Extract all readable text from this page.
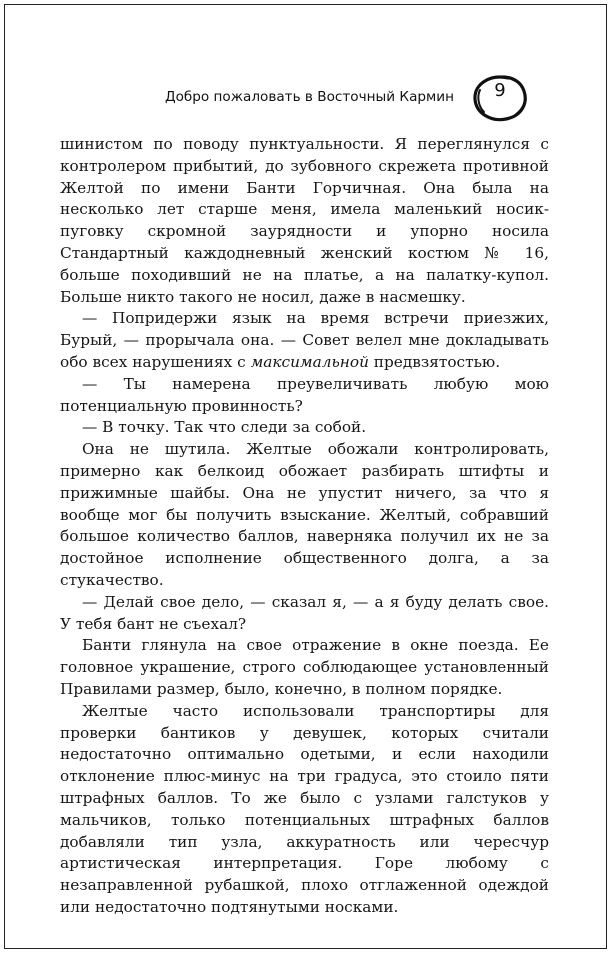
Добро пожаловать в Восточный Кармин	9

шинистом по поводу пунктуальности. Я переглянулся с контролером прибытий, до зубовного скрежета противной Желтой по имени Банти Горчичная. Она была на несколько лет старше меня, имела маленький носик-пуговку скромной заурядности и упорно носила Стандартный каждодневный женский костюм № 16, больше походивший не на платье, а на палатку-купол. Больше никто такого не носил, даже в насмешку.

— Попридержи язык на время встречи приезжих, Бурый, — прорычала она. — Совет велел мне докладывать обо всех нарушениях с максимальной предвзятостью.

— Ты намерена преувеличивать любую мою потенциальную провинность?

— В точку. Так что следи за собой.

Она не шутила. Желтые обожали контролировать, примерно как белкоид обожает разбирать штифты и прижимные шайбы. Она не упустит ничего, за что я вообще мог бы получить взыскание. Желтый, собравший большое количество баллов, наверняка получил их не за достойное исполнение общественного долга, а за стукачество.

— Делай свое дело, — сказал я, — а я буду делать свое. У тебя бант не съехал?

Банти глянула на свое отражение в окне поезда. Ее головное украшение, строго соблюдающее установленный Правилами размер, было, конечно, в полном порядке.

Желтые часто использовали транспортиры для проверки бантиков у девушек, которых считали недостаточно оптимально одетыми, и если находили отклонение плюс-минус на три градуса, это стоило пяти штрафных баллов. То же было с узлами галстуков у мальчиков, только потенциальных штрафных баллов добавляли тип узла, аккуратность или чересчур артистическая интерпретация. Горе любому с незаправленной рубашкой, плохо отглаженной одеждой или недостаточно подтянутыми носками.
